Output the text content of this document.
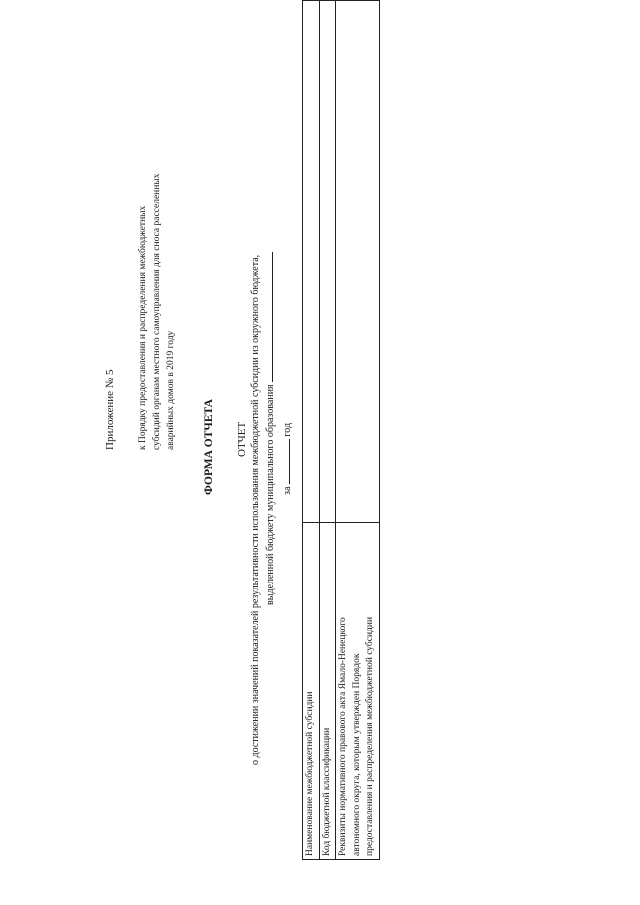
Приложение № 5 к Порядку предоставления и распределения межбюджетных субсидий органам местного самоуправления для сноса расселенных аварийных домов в 2019 году ФОРМА ОТЧЕТА ОТЧЕТ о достижении значений показателей результативности использования межбюджетной субсидии из окружного бюджета, выделенной бюджету муниципального образования за  год
Наименование межбюджетной субсидии	
Код бюджетной классификации	

Реквизиты нормативного правового акта Ямало-Ненецкого автономного округа, которым утвержден Порядок предоставления и распределения межбюджетной субсидии	
